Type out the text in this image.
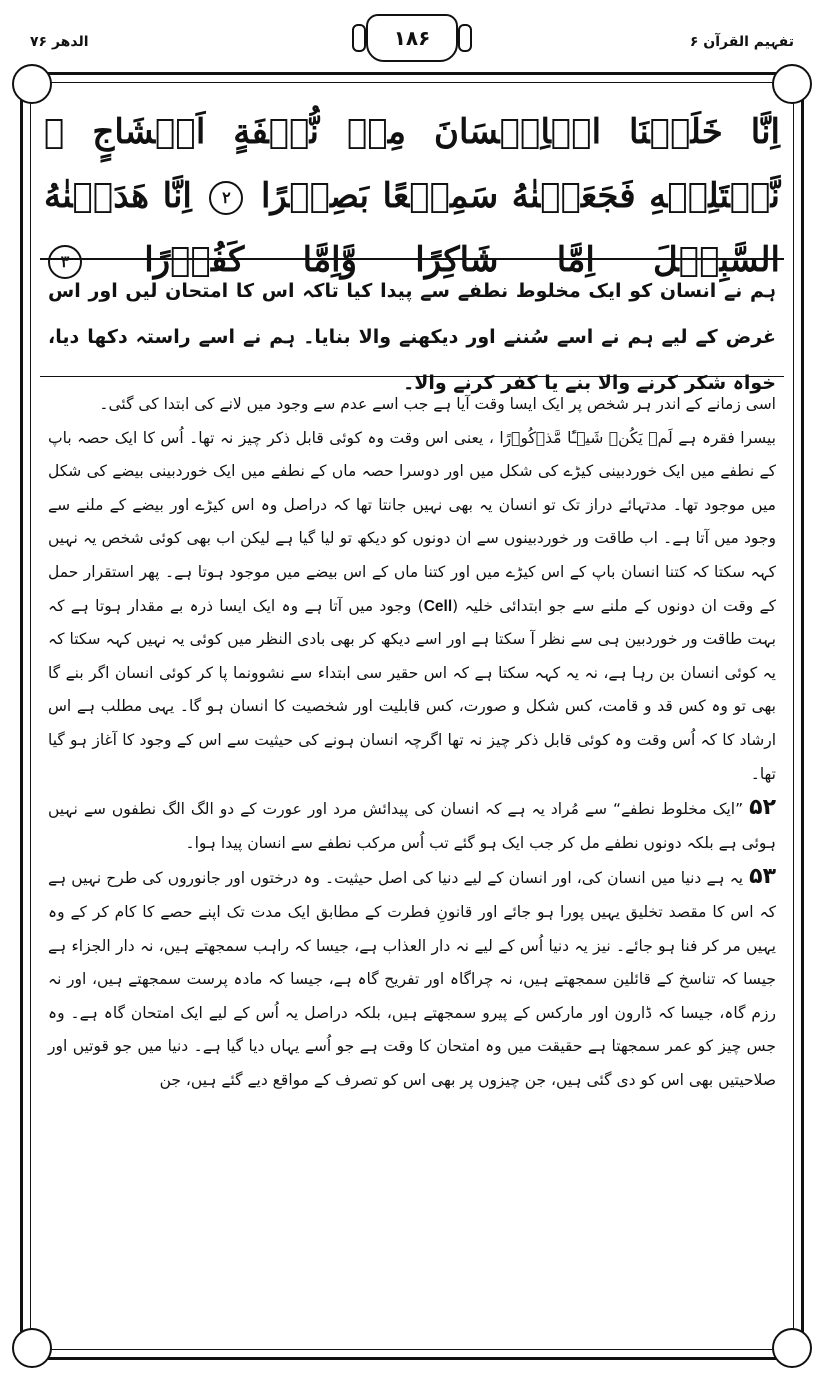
تفہیم القرآن ۶
۱۸۶
الدھر ۷۶
اِنَّا خَلَقۡنَا الۡاِنۡسَانَ مِنۡ نُّطۡفَةٍ اَمۡشَاجٍ ۖ نَّبۡتَلِيۡهِ فَجَعَلۡنٰهُ سَمِيۡعًا بَصِيۡرًا ۲ اِنَّا هَدَيۡنٰهُ السَّبِيۡلَ اِمَّا شَاكِرًا وَّاِمَّا كَفُوۡرًا ۳
ہم نے انسان کو ایک مخلوط نطفے سے پیدا کیا تاکہ اس کا امتحان لیں اور اس غرض کے لیے ہم نے اسے سُننے اور دیکھنے والا بنایا۔ ہم نے اسے راستہ دکھا دیا، خواہ شکر کرنے والا بنے یا کفر کرنے والا۔

اسی زمانے کے اندر ہر شخص پر ایک ایسا وقت آیا ہے جب اسے عدم سے وجود میں لانے کی ابتدا کی گئی۔

بیسرا فقرہ ہے لَمۡ يَكُنۡ شَيۡـًٔا مَّذۡكُوۡرًا ، یعنی اس وقت وہ کوئی قابل ذکر چیز نہ تھا۔ اُس کا ایک حصہ باپ کے نطفے میں ایک خوردبینی کیڑے کی شکل میں اور دوسرا حصہ ماں کے نطفے میں ایک خوردبینی بیضے کی شکل میں موجود تھا۔ مدتہائے دراز تک تو انسان یہ بھی نہیں جانتا تھا کہ دراصل وہ اس کیڑے اور بیضے کے ملنے سے وجود میں آتا ہے۔ اب طاقت ور خوردبینوں سے ان دونوں کو دیکھ تو لیا گیا ہے لیکن اب بھی کوئی شخص یہ نہیں کہہ سکتا کہ کتنا انسان باپ کے اس کیڑے میں اور کتنا ماں کے اس بیضے میں موجود ہوتا ہے۔ پھر استقرار حمل کے وقت ان دونوں کے ملنے سے جو ابتدائی خلیہ (Cell) وجود میں آتا ہے وہ ایک ایسا ذرہ بے مقدار ہوتا ہے کہ بہت طاقت ور خوردبین ہی سے نظر آ سکتا ہے اور اسے دیکھ کر بھی بادی النظر میں کوئی یہ نہیں کہہ سکتا کہ یہ کوئی انسان بن رہا ہے، نہ یہ کہہ سکتا ہے کہ اس حقیر سی ابتداء سے نشوونما پا کر کوئی انسان اگر بنے گا بھی تو وہ کس قد و قامت، کس شکل و صورت، کس قابلیت اور شخصیت کا انسان ہو گا۔ یہی مطلب ہے اس ارشاد کا کہ اُس وقت وہ کوئی قابل ذکر چیز نہ تھا اگرچہ انسان ہونے کی حیثیت سے اس کے وجود کا آغاز ہو گیا تھا۔

۵۲”ایک مخلوط نطفے“ سے مُراد یہ ہے کہ انسان کی پیدائش مرد اور عورت کے دو الگ الگ نطفوں سے نہیں ہوئی ہے بلکہ دونوں نطفے مل کر جب ایک ہو گئے تب اُس مرکب نطفے سے انسان پیدا ہوا۔

۵۳یہ ہے دنیا میں انسان کی، اور انسان کے لیے دنیا کی اصل حیثیت۔ وہ درختوں اور جانوروں کی طرح نہیں ہے کہ اس کا مقصد تخلیق یہیں پورا ہو جائے اور قانونِ فطرت کے مطابق ایک مدت تک اپنے حصے کا کام کر کے وہ یہیں مر کر فنا ہو جائے۔ نیز یہ دنیا اُس کے لیے نہ دار العذاب ہے، جیسا کہ راہب سمجھتے ہیں، نہ دار الجزاء ہے جیسا کہ تناسخ کے قائلین سمجھتے ہیں، نہ چراگاہ اور تفریح گاہ ہے، جیسا کہ مادہ پرست سمجھتے ہیں، اور نہ رزم گاہ، جیسا کہ ڈارون اور مارکس کے پیرو سمجھتے ہیں، بلکہ دراصل یہ اُس کے لیے ایک امتحان گاہ ہے۔ وہ جس چیز کو عمر سمجھتا ہے حقیقت میں وہ امتحان کا وقت ہے جو اُسے یہاں دیا گیا ہے۔ دنیا میں جو قوتیں اور صلاحیتیں بھی اس کو دی گئی ہیں، جن چیزوں پر بھی اس کو تصرف کے مواقع دیے گئے ہیں، جن
